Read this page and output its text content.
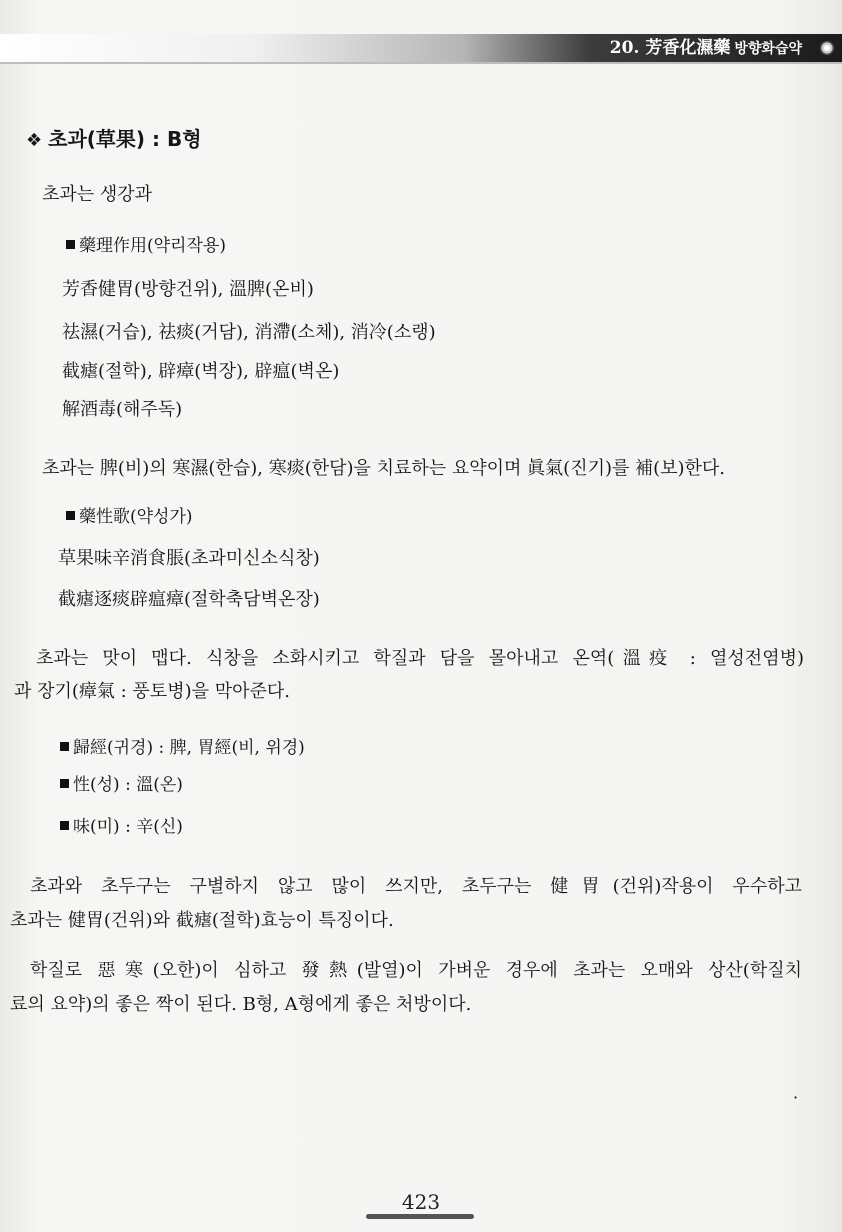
20. 芳香化濕藥 방향화습약
❖ 초과(草果) : B형
초과는 생강과
藥理作用(약리작용)
芳香健胃(방향건위), 溫脾(온비)
祛濕(거습), 祛痰(거담), 消滯(소체), 消冷(소랭)
截瘧(절학), 辟瘴(벽장), 辟瘟(벽온)
解酒毒(해주독)
초과는 脾(비)의 寒濕(한습), 寒痰(한담)을 치료하는 요약이며 眞氣(진기)를 補(보)한다.
藥性歌(약성가)
草果味辛消食脹(초과미신소식창)
截瘧逐痰辟瘟瘴(절학축담벽온장)
초과는 맛이 맵다. 식창을 소화시키고 학질과 담을 몰아내고 온역(溫疫 : 열성전염병)
과 장기(瘴氣 : 풍토병)을 막아준다.
歸經(귀경) : 脾, 胃經(비, 위경)
性(성) : 溫(온)
味(미) : 辛(신)
초과와 초두구는 구별하지 않고 많이 쓰지만, 초두구는 健胃(건위)작용이 우수하고
초과는 健胃(건위)와 截瘧(절학)효능이 특징이다.
학질로 惡寒(오한)이 심하고 發熱(발열)이 가벼운 경우에 초과는 오매와 상산(학질치
료의 요약)의 좋은 짝이 된다. B형, A형에게 좋은 처방이다.
·
423
